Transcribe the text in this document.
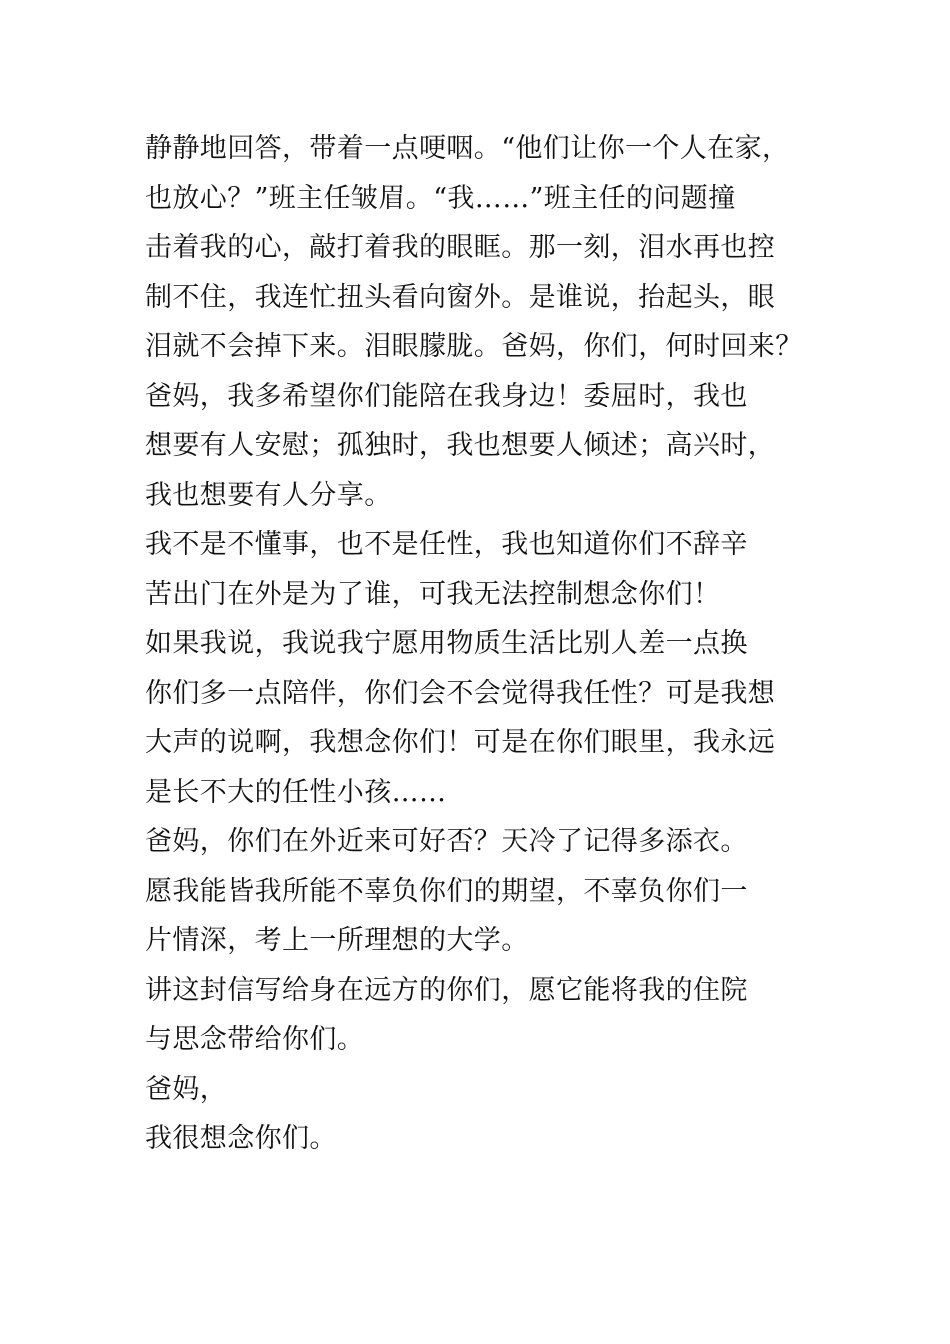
静静地回答，带着一点哽咽。“他们让你一个人在家，
也放心？”班主任皱眉。“我……”班主任的问题撞
击着我的心，敲打着我的眼眶。那一刻，泪水再也控
制不住，我连忙扭头看向窗外。是谁说，抬起头，眼
泪就不会掉下来。泪眼朦胧。爸妈，你们，何时回来？
爸妈，我多希望你们能陪在我身边！委屈时，我也
想要有人安慰；孤独时，我也想要人倾述；高兴时，
我也想要有人分享。
我不是不懂事，也不是任性，我也知道你们不辞辛
苦出门在外是为了谁，可我无法控制想念你们！
如果我说，我说我宁愿用物质生活比别人差一点换
你们多一点陪伴，你们会不会觉得我任性？可是我想
大声的说啊，我想念你们！可是在你们眼里，我永远
是长不大的任性小孩……
爸妈，你们在外近来可好否？天冷了记得多添衣。
愿我能皆我所能不辜负你们的期望，不辜负你们一
片情深，考上一所理想的大学。
讲这封信写给身在远方的你们，愿它能将我的住院
与思念带给你们。
爸妈，
我很想念你们。
